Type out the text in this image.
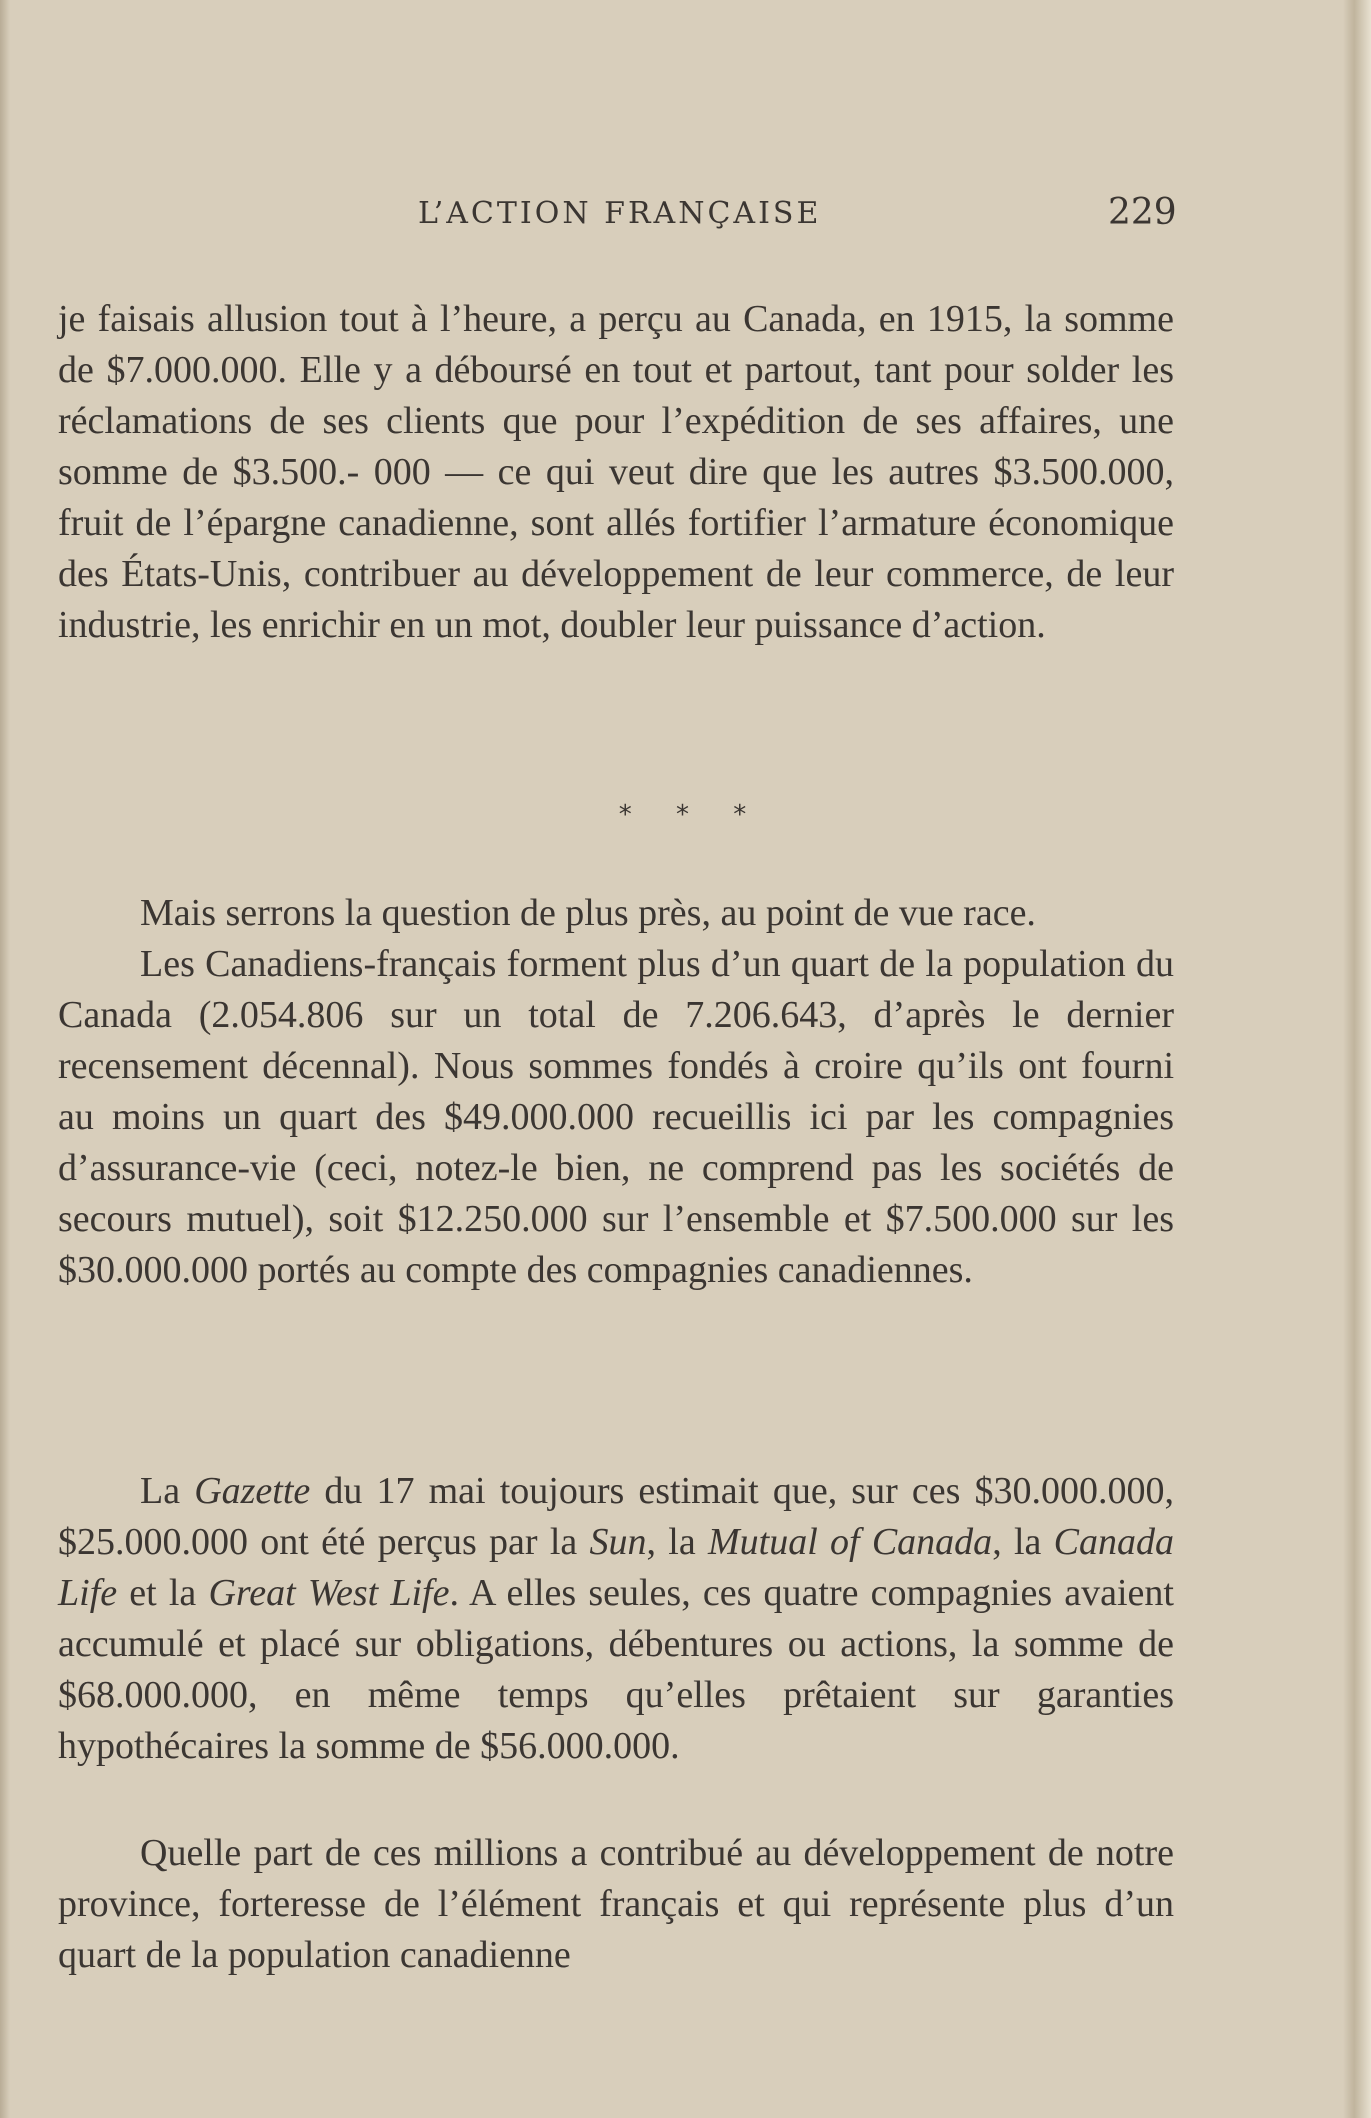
L’ACTION FRANÇAISE	229

je faisais allusion tout à l’heure, a perçu au Canada, en 1915, la somme de $7.000.000. Elle y a déboursé en tout et partout, tant pour solder les réclamations de ses clients que pour l’expédition de ses affaires, une somme de $3.500.- 000 — ce qui veut dire que les autres $3.500.000, fruit de l’épargne canadienne, sont allés fortifier l’armature économique des États-Unis, contribuer au développement de leur commerce, de leur industrie, les enrichir en un mot, doubler leur puissance d’action.

* * *

Mais serrons la question de plus près, au point de vue race.

Les Canadiens-français forment plus d’un quart de la population du Canada (2.054.806 sur un total de 7.206.643, d’après le dernier recensement décennal). Nous sommes fondés à croire qu’ils ont fourni au moins un quart des $49.000.000 recueillis ici par les compagnies d’assurance-vie (ceci, notez-le bien, ne comprend pas les sociétés de secours mutuel), soit $12.250.000 sur l’ensemble et $7.500.000 sur les $30.000.000 portés au compte des compagnies canadiennes.

La Gazette du 17 mai toujours estimait que, sur ces $30.000.000, $25.000.000 ont été perçus par la Sun, la Mutual of Canada, la Canada Life et la Great West Life. A elles seules, ces quatre compagnies avaient accumulé et placé sur obligations, débentures ou actions, la somme de $68.000.000, en même temps qu’elles prêtaient sur garanties hypothécaires la somme de $56.000.000.

Quelle part de ces millions a contribué au développement de notre province, forteresse de l’élément français et qui représente plus d’un quart de la population canadienne
